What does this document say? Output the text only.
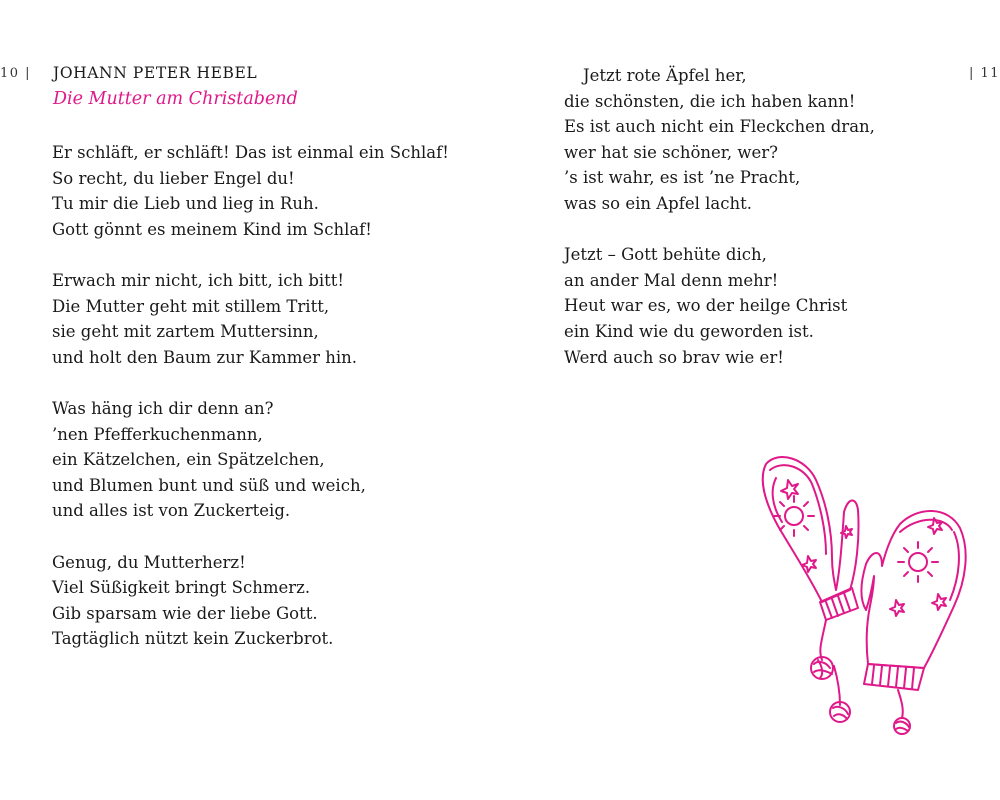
10 |	| 11
JOHANN PETER HEBEL
Die Mutter am Christabend
Er schläft, er schläft! Das ist einmal ein Schlaf!
So recht, du lieber Engel du!
Tu mir die Lieb und lieg in Ruh.
Gott gönnt es meinem Kind im Schlaf!
Erwach mir nicht, ich bitt, ich bitt!
Die Mutter geht mit stillem Tritt,
sie geht mit zartem Muttersinn,
und holt den Baum zur Kammer hin.
Was häng ich dir denn an?
’nen Pfefferkuchenmann,
ein Kätzelchen, ein Spätzelchen,
und Blumen bunt und süß und weich,
und alles ist von Zuckerteig.
Genug, du Mutterherz!
Viel Süßigkeit bringt Schmerz.
Gib sparsam wie der liebe Gott.
Tagtäglich nützt kein Zuckerbrot.
Jetzt rote Äpfel her,
die schönsten, die ich haben kann!
Es ist auch nicht ein Fleckchen dran,
wer hat sie schöner, wer?
’s ist wahr, es ist ’ne Pracht,
was so ein Apfel lacht.
Jetzt – Gott behüte dich,
an ander Mal denn mehr!
Heut war es, wo der heilge Christ
ein Kind wie du geworden ist.
Werd auch so brav wie er!
